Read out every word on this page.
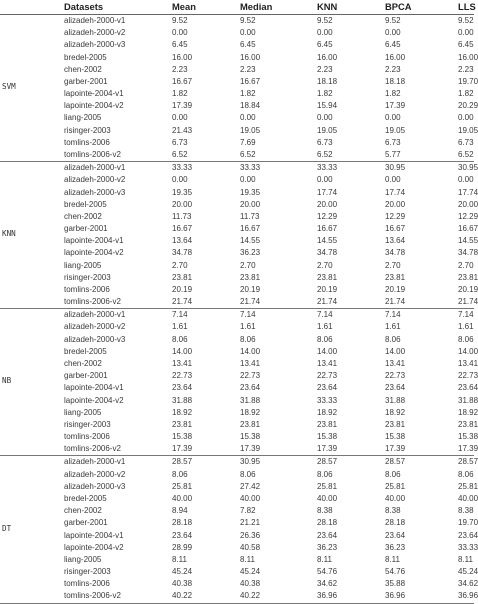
Datasets	Mean	Median	KNN	BPCA	LLS
SVM
alizadeh-2000-v1	9.52	9.52	9.52	9.52	9.52
alizadeh-2000-v2	0.00	0.00	0.00	0.00	0.00
alizadeh-2000-v3	6.45	6.45	6.45	6.45	6.45
bredel-2005	16.00	16.00	16.00	16.00	16.00
chen-2002	2.23	2.23	2.23	2.23	2.23
garber-2001	16.67	16.67	18.18	18.18	19.70
lapointe-2004-v1	1.82	1.82	1.82	1.82	1.82
lapointe-2004-v2	17.39	18.84	15.94	17.39	20.29
liang-2005	0.00	0.00	0.00	0.00	0.00
risinger-2003	21.43	19.05	19.05	19.05	19.05
tomlins-2006	6.73	7.69	6.73	6.73	6.73
tomlins-2006-v2	6.52	6.52	6.52	5.77	6.52
KNN
alizadeh-2000-v1	33.33	33.33	33.33	30.95	30.95
alizadeh-2000-v2	0.00	0.00	0.00	0.00	0.00
alizadeh-2000-v3	19.35	19.35	17.74	17.74	17.74
bredel-2005	20.00	20.00	20.00	20.00	20.00
chen-2002	11.73	11.73	12.29	12.29	12.29
garber-2001	16.67	16.67	16.67	16.67	16.67
lapointe-2004-v1	13.64	14.55	14.55	13.64	14.55
lapointe-2004-v2	34.78	36.23	34.78	34.78	34.78
liang-2005	2.70	2.70	2.70	2.70	2.70
risinger-2003	23.81	23.81	23.81	23.81	23.81
tomlins-2006	20.19	20.19	20.19	20.19	20.19
tomlins-2006-v2	21.74	21.74	21.74	21.74	21.74
NB
alizadeh-2000-v1	7.14	7.14	7.14	7.14	7.14
alizadeh-2000-v2	1.61	1.61	1.61	1.61	1.61
alizadeh-2000-v3	8.06	8.06	8.06	8.06	8.06
bredel-2005	14.00	14.00	14.00	14.00	14.00
chen-2002	13.41	13.41	13.41	13.41	13.41
garber-2001	22.73	22.73	22.73	22.73	22.73
lapointe-2004-v1	23.64	23.64	23.64	23.64	23.64
lapointe-2004-v2	31.88	31.88	33.33	31.88	31.88
liang-2005	18.92	18.92	18.92	18.92	18.92
risinger-2003	23.81	23.81	23.81	23.81	23.81
tomlins-2006	15.38	15.38	15.38	15.38	15.38
tomlins-2006-v2	17.39	17.39	17.39	17.39	17.39
DT
alizadeh-2000-v1	28.57	30.95	28.57	28.57	28.57
alizadeh-2000-v2	8.06	8.06	8.06	8.06	8.06
alizadeh-2000-v3	25.81	27.42	25.81	25.81	25.81
bredel-2005	40.00	40.00	40.00	40.00	40.00
chen-2002	8.94	7.82	8.38	8.38	8.38
garber-2001	28.18	21.21	28.18	28.18	19.70
lapointe-2004-v1	23.64	26.36	23.64	23.64	23.64
lapointe-2004-v2	28.99	40.58	36.23	36.23	33.33
liang-2005	8.11	8.11	8.11	8.11	8.11
risinger-2003	45.24	45.24	54.76	54.76	45.24
tomlins-2006	40.38	40.38	34.62	35.88	34.62
tomlins-2006-v2	40.22	40.22	36.96	36.96	36.96
